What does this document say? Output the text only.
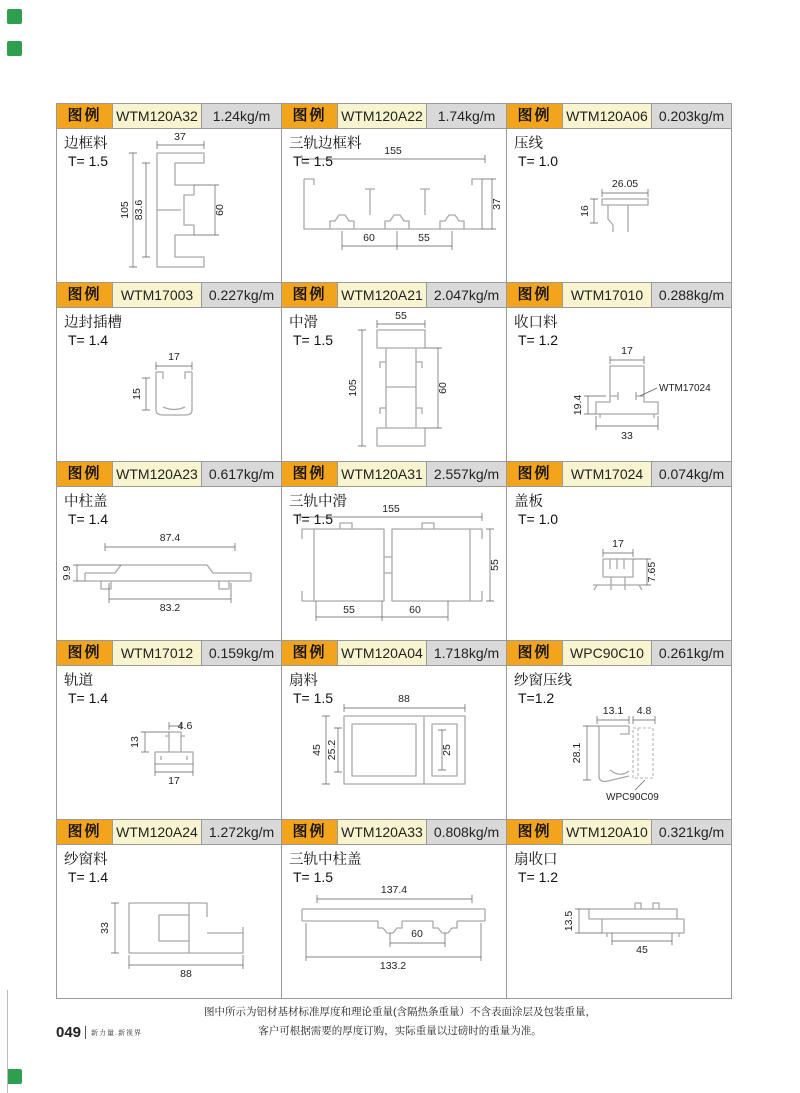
图例	WTM120A32	1.24kg/m
边框料
T= 1.5
37
105 83.6	60
图例	WTM120A22	1.74kg/m
三轨边框料
T= 1.5
155
37
60	55
图例	WTM120A06 0.203kg/m
压线
T= 1.0
26.05
16
图例	WTM17003	0.227kg/m
边封插槽
T= 1.4
17
15
图例	WTM120A21 2.047kg/m
中滑
T= 1.5
55
105	60
图例	WTM17010	0.288kg/m
收口料
T= 1.2
17
WTM17024
19.4
33
图例	WTM120A23 0.617kg/m
中柱盖
T= 1.4
87.4
9.9
83.2
图例	WTM120A31 2.557kg/m
三轨中滑
T= 1.5
155
55
55	60
图例	WTM17024	0.074kg/m
盖板
T= 1.0
17
7.65
图例	WTM17012	0.159kg/m
轨道
T= 1.4
4.6
13
17
图例	WTM120A04 1.718kg/m
扇料
T= 1.5	88
45 25.2	25
图例	WPC90C10	0.261kg/m
纱窗压线
T=1.2
13.1 4.8
28.1
WPC90C09
图例	WTM120A24 1.272kg/m
纱窗料
T= 1.4
33
88
图例	WTM120A33 0.808kg/m
三轨中柱盖
T= 1.5
137.4
60
133.2
图例	WTM120A10 0.321kg/m
扇收口
T= 1.2
13.5
45
图中所示为铝材基材标准厚度和理论重量(含隔热条重量）不含表面涂层及包装重量，
客户可根据需要的厚度订购，实际重量以过磅时的重量为准。
049 新力量.新视界
